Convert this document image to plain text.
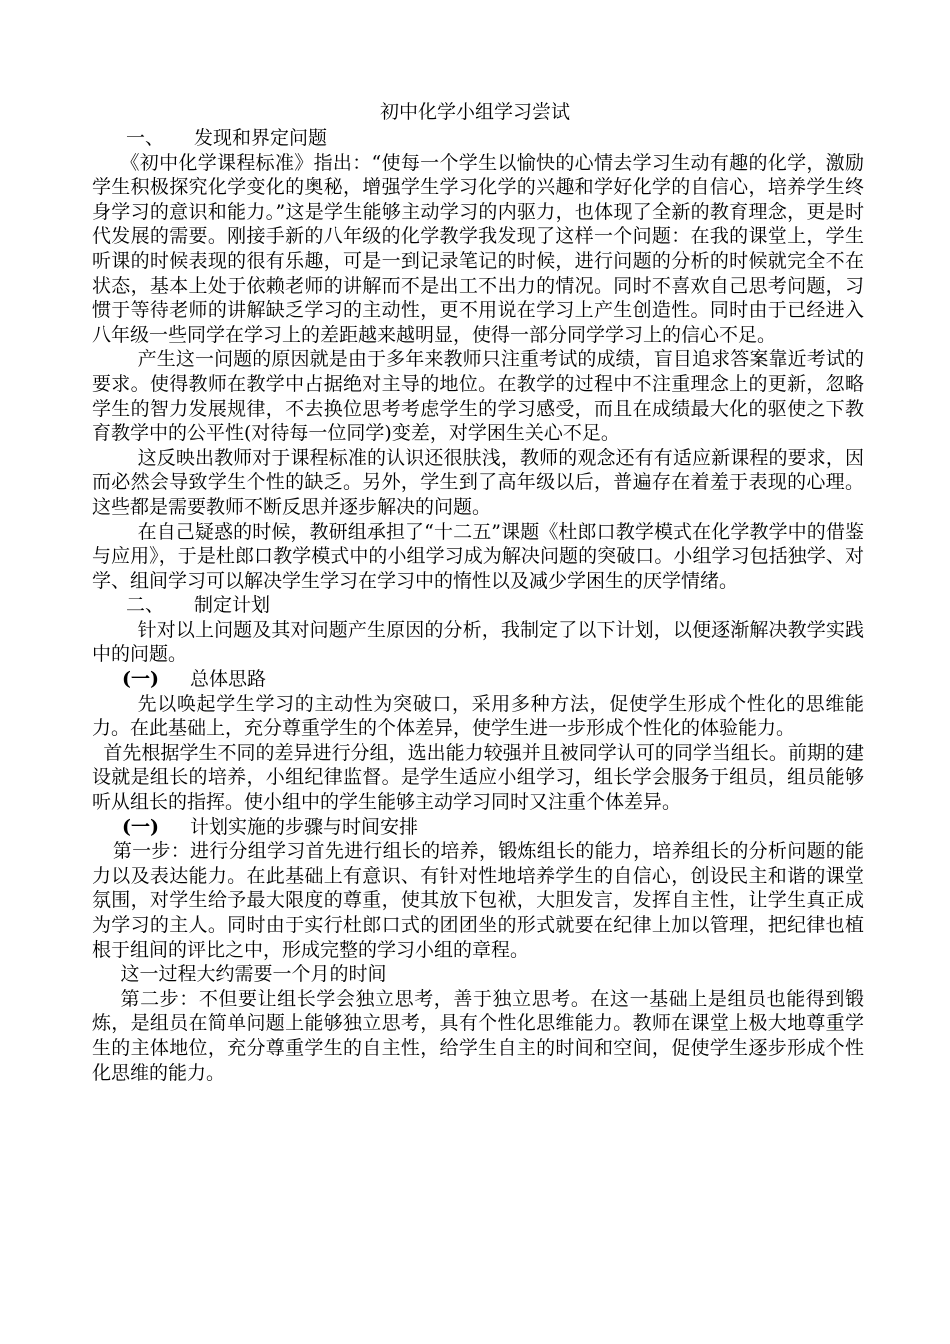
初中化学小组学习尝试
一、 发现和界定问题

《初中化学课程标准》指出：“使每一个学生以愉快的心情去学习生动有趣的化学，激励学生积极探究化学变化的奥秘，增强学生学习化学的兴趣和学好化学的自信心，培养学生终身学习的意识和能力。”这是学生能够主动学习的内驱力，也体现了全新的教育理念，更是时代发展的需要。刚接手新的八年级的化学教学我发现了这样一个问题：在我的课堂上，学生听课的时候表现的很有乐趣，可是一到记录笔记的时候，进行问题的分析的时候就完全不在状态，基本上处于依赖老师的讲解而不是出工不出力的情况。同时不喜欢自己思考问题，习惯于等待老师的讲解缺乏学习的主动性，更不用说在学习上产生创造性。同时由于已经进入八年级一些同学在学习上的差距越来越明显，使得一部分同学学习上的信心不足。

产生这一问题的原因就是由于多年来教师只注重考试的成绩，盲目追求答案靠近考试的要求。使得教师在教学中占据绝对主导的地位。在教学的过程中不注重理念上的更新，忽略学生的智力发展规律，不去换位思考考虑学生的学习感受，而且在成绩最大化的驱使之下教育教学中的公平性(对待每一位同学)变差，对学困生关心不足。

这反映出教师对于课程标准的认识还很肤浅，教师的观念还有有适应新课程的要求，因而必然会导致学生个性的缺乏。另外，学生到了高年级以后，普遍存在着羞于表现的心理。这些都是需要教师不断反思并逐步解决的问题。

在自己疑惑的时候，教研组承担了“十二五”课题《杜郎口教学模式在化学教学中的借鉴与应用》，于是杜郎口教学模式中的小组学习成为解决问题的突破口。小组学习包括独学、对学、组间学习可以解决学生学习在学习中的惰性以及减少学困生的厌学情绪。

二、 制定计划

针对以上问题及其对问题产生原因的分析，我制定了以下计划，以便逐渐解决教学实践中的问题。

(一) 总体思路

先以唤起学生学习的主动性为突破口，采用多种方法，促使学生形成个性化的思维能力。在此基础上，充分尊重学生的个体差异，使学生进一步形成个性化的体验能力。

首先根据学生不同的差异进行分组，选出能力较强并且被同学认可的同学当组长。前期的建设就是组长的培养，小组纪律监督。是学生适应小组学习，组长学会服务于组员，组员能够听从组长的指挥。使小组中的学生能够主动学习同时又注重个体差异。

(一) 计划实施的步骤与时间安排

第一步：进行分组学习首先进行组长的培养，锻炼组长的能力，培养组长的分析问题的能力以及表达能力。在此基础上有意识、有针对性地培养学生的自信心，创设民主和谐的课堂氛围，对学生给予最大限度的尊重，使其放下包袱，大胆发言，发挥自主性，让学生真正成为学习的主人。同时由于实行杜郎口式的团团坐的形式就要在纪律上加以管理，把纪律也植根于组间的评比之中，形成完整的学习小组的章程。

这一过程大约需要一个月的时间

第二步：不但要让组长学会独立思考，善于独立思考。在这一基础上是组员也能得到锻炼，是组员在简单问题上能够独立思考，具有个性化思维能力。教师在课堂上极大地尊重学生的主体地位，充分尊重学生的自主性，给学生自主的时间和空间，促使学生逐步形成个性化思维的能力。
